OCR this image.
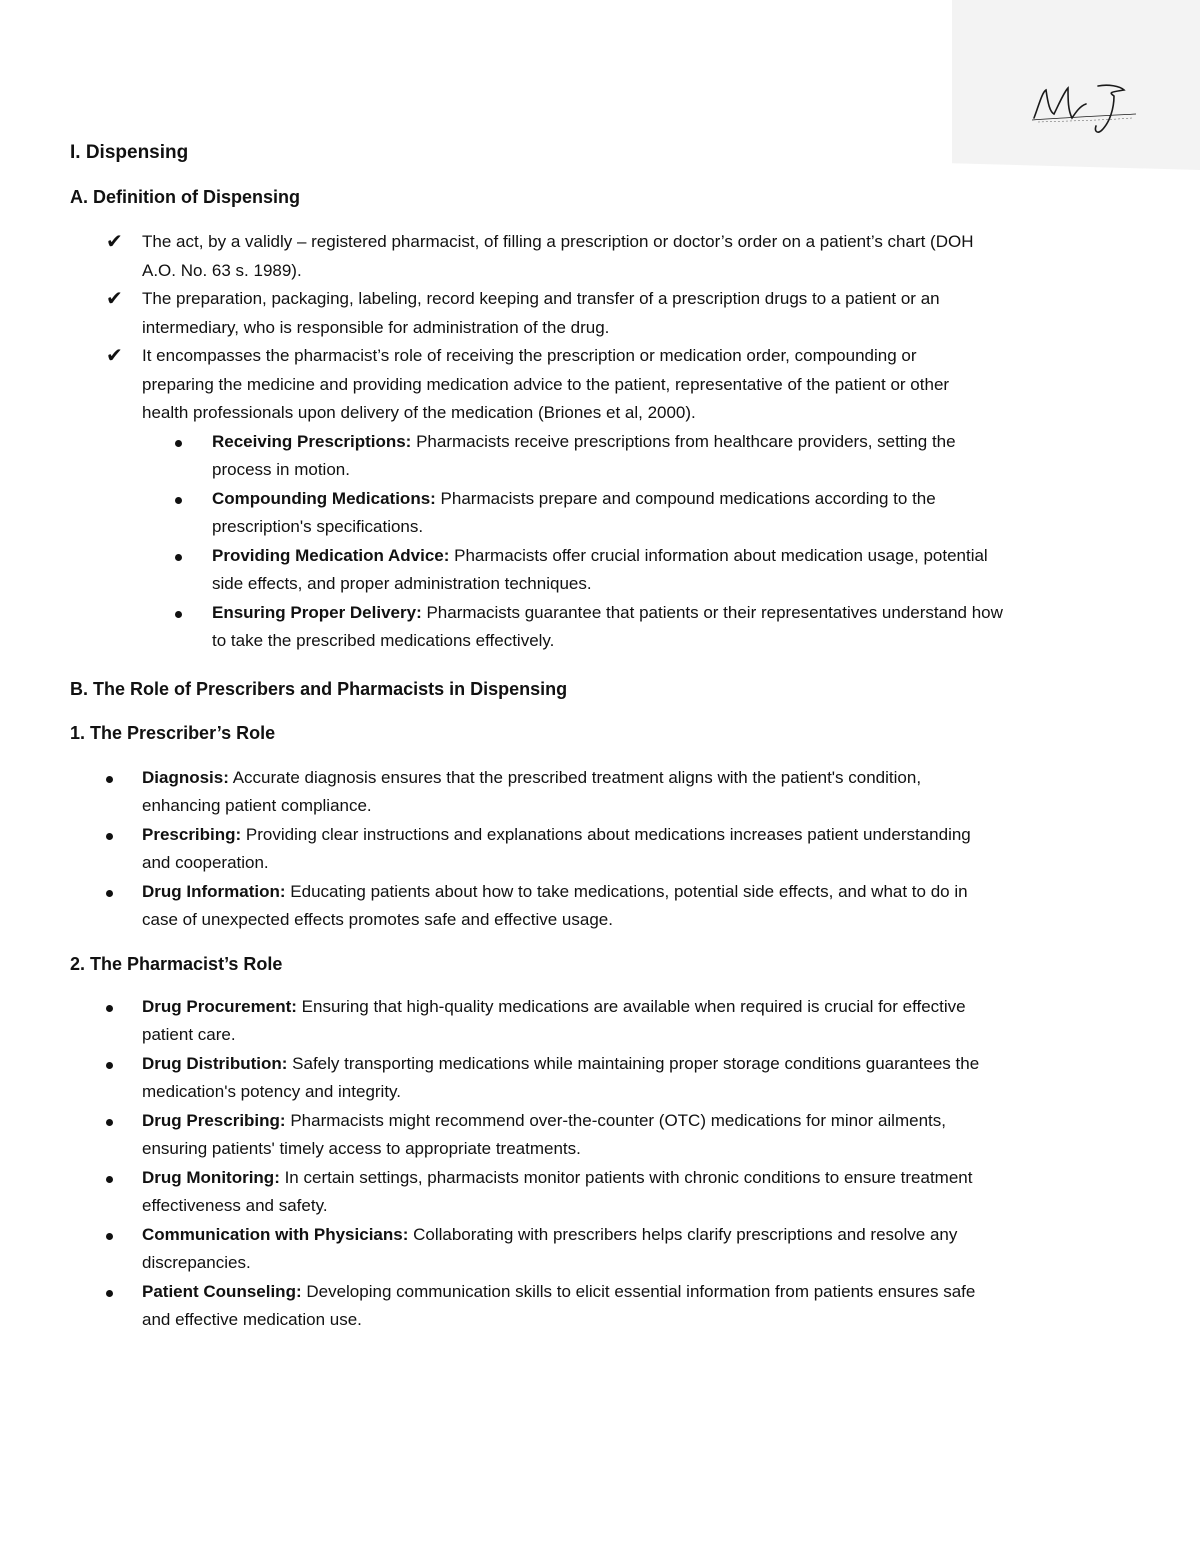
I. Dispensing
A. Definition of Dispensing
✔ The act, by a validly – registered pharmacist, of filling a prescription or doctor’s order on a patient’s chart (DOH
A.O. No. 63 s. 1989).
✔ The preparation, packaging, labeling, record keeping and transfer of a prescription drugs to a patient or an
intermediary, who is responsible for administration of the drug.
✔ It encompasses the pharmacist’s role of receiving the prescription or medication order, compounding or
preparing the medicine and providing medication advice to the patient, representative of the patient or other
health professionals upon delivery of the medication (Briones et al, 2000).
Receiving Prescriptions: Pharmacists receive prescriptions from healthcare providers, setting the
process in motion.
Compounding Medications: Pharmacists prepare and compound medications according to the
prescription's specifications.
Providing Medication Advice: Pharmacists offer crucial information about medication usage, potential
side effects, and proper administration techniques.
Ensuring Proper Delivery: Pharmacists guarantee that patients or their representatives understand how
to take the prescribed medications effectively.
B. The Role of Prescribers and Pharmacists in Dispensing
1. The Prescriber’s Role
Diagnosis: Accurate diagnosis ensures that the prescribed treatment aligns with the patient's condition,
enhancing patient compliance.
Prescribing: Providing clear instructions and explanations about medications increases patient understanding
and cooperation.
Drug Information: Educating patients about how to take medications, potential side effects, and what to do in
case of unexpected effects promotes safe and effective usage.
2. The Pharmacist’s Role
Drug Procurement: Ensuring that high-quality medications are available when required is crucial for effective
patient care.
Drug Distribution: Safely transporting medications while maintaining proper storage conditions guarantees the
medication's potency and integrity.
Drug Prescribing: Pharmacists might recommend over-the-counter (OTC) medications for minor ailments,
ensuring patients' timely access to appropriate treatments.
Drug Monitoring: In certain settings, pharmacists monitor patients with chronic conditions to ensure treatment
effectiveness and safety.
Communication with Physicians: Collaborating with prescribers helps clarify prescriptions and resolve any
discrepancies.
Patient Counseling: Developing communication skills to elicit essential information from patients ensures safe
and effective medication use.
